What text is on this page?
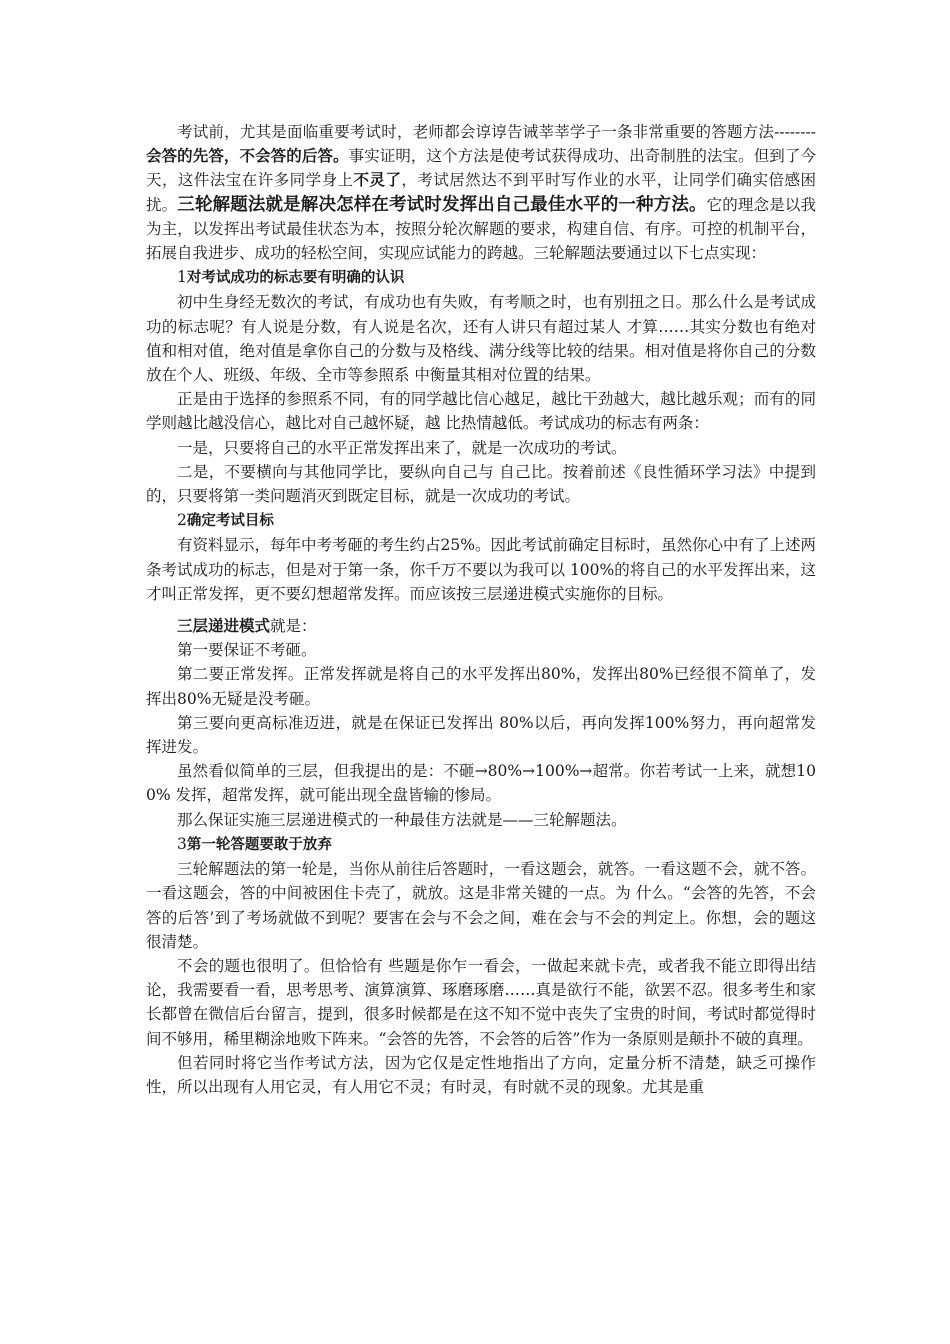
考试前，尤其是面临重要考试时，老师都会谆谆告诫莘莘学子一条非常重要的答题方法--------会答的先答，不会答的后答。事实证明，这个方法是使考试获得成功、出奇制胜的法宝。但到了今天，这件法宝在许多同学身上不灵了，考试居然达不到平时写作业的水平，让同学们确实倍感困扰。三轮解题法就是解决怎样在考试时发挥出自己最佳水平的一种方法。它的理念是以我为主，以发挥出考试最佳状态为本，按照分轮次解题的要求，构建自信、有序。可控的机制平台，拓展自我进步、成功的轻松空间，实现应试能力的跨越。三轮解题法要通过以下七点实现：

1对考试成功的标志要有明确的认识

初中生身经无数次的考试，有成功也有失败，有考顺之时，也有别扭之日。那么什么是考试成功的标志呢？有人说是分数，有人说是名次，还有人讲只有超过某人 才算……其实分数也有绝对值和相对值，绝对值是拿你自己的分数与及格线、满分线等比较的结果。相对值是将你自己的分数放在个人、班级、年级、全市等参照系 中衡量其相对位置的结果。

正是由于选择的参照系不同，有的同学越比信心越足，越比干劲越大，越比越乐观；而有的同学则越比越没信心，越比对自己越怀疑，越 比热情越低。考试成功的标志有两条：

一是，只要将自己的水平正常发挥出来了，就是一次成功的考试。

二是，不要横向与其他同学比，要纵向自己与 自己比。按着前述《良性循环学习法》中提到的，只要将第一类问题消灭到既定目标，就是一次成功的考试。

2确定考试目标

有资料显示，每年中考考砸的考生约占25%。因此考试前确定目标时，虽然你心中有了上述两条考试成功的标志，但是对于第一条，你千万不要以为我可以 100%的将自己的水平发挥出来，这才叫正常发挥，更不要幻想超常发挥。而应该按三层递进模式实施你的目标。

三层递进模式就是：

第一要保证不考砸。

第二要正常发挥。正常发挥就是将自己的水平发挥出80%，发挥出80%已经很不简单了，发挥出80%无疑是没考砸。

第三要向更高标准迈进，就是在保证已发挥出 80%以后，再向发挥100%努力，再向超常发挥进发。

虽然看似简单的三层，但我提出的是：不砸→80%→100%→超常。你若考试一上来，就想100% 发挥，超常发挥，就可能出现全盘皆输的惨局。

那么保证实施三层递进模式的一种最佳方法就是——三轮解题法。

3第一轮答题要敢于放弃

三轮解题法的第一轮是，当你从前往后答题时，一看这题会，就答。一看这题不会，就不答。一看这题会，答的中间被困住卡壳了，就放。这是非常关键的一点。为 什么。“会答的先答，不会答的后答’到了考场就做不到呢？要害在会与不会之间，难在会与不会的判定上。你想，会的题这很清楚。

不会的题也很明了。但恰恰有 些题是你乍一看会，一做起来就卡壳，或者我不能立即得出结论，我需要看一看，思考思考、演算演算、琢磨琢磨……真是欲行不能，欲罢不忍。很多考生和家长都曾在微信后台留言，提到，很多时候都是在这不知不觉中丧失了宝贵的时间，考试时都觉得时间不够用，稀里糊涂地败下阵来。“会答的先答，不会答的后答”作为一条原则是颠扑不破的真理。

但若同时将它当作考试方法，因为它仅是定性地指出了方向，定量分析不清楚，缺乏可操作性，所以出现有人用它灵，有人用它不灵；有时灵，有时就不灵的现象。尤其是重
